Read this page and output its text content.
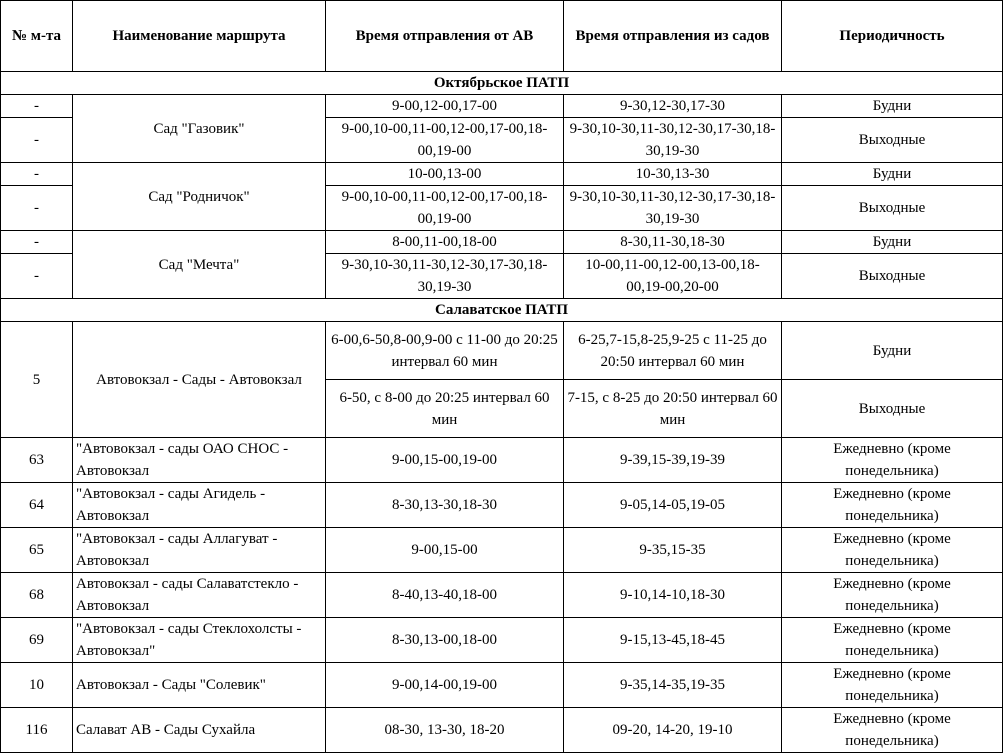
№ м-та	Наименование маршрута	Время отправления от АВ	Время отправления из садов	Периодичность
Октябрьское ПАТП				
-	Сад "Газовик"	9-00,12-00,17-00	9-30,12-30,17-30	Будни
-		9-00,10-00,11-00,12-00,17-00,18-00,19-00	9-30,10-30,11-30,12-30,17-30,18-30,19-30	Выходные
-	Сад "Родничок"	10-00,13-00	10-30,13-30	Будни
-		9-00,10-00,11-00,12-00,17-00,18-00,19-00	9-30,10-30,11-30,12-30,17-30,18-30,19-30	Выходные
-	Сад "Мечта"	8-00,11-00,18-00	8-30,11-30,18-30	Будни
-		9-30,10-30,11-30,12-30,17-30,18-30,19-30	10-00,11-00,12-00,13-00,18-00,19-00,20-00	Выходные
Салаватское ПАТП				
5	Автовокзал - Сады - Автовокзал	6-00,6-50,8-00,9-00 с 11-00 до 20:25 интервал 60 мин	6-25,7-15,8-25,9-25 с 11-25 до 20:50 интервал 60 мин	Будни
		6-50, с 8-00 до 20:25 интервал 60 мин	7-15, с 8-25 до 20:50 интервал 60 мин	Выходные
63	"Автовокзал - сады ОАО СНОС - Автовокзал	9-00,15-00,19-00	9-39,15-39,19-39	Ежедневно (кроме понедельника)
64	"Автовокзал - сады Агидель - Автовокзал	8-30,13-30,18-30	9-05,14-05,19-05	Ежедневно (кроме понедельника)
65	"Автовокзал - сады Аллагуват - Автовокзал	9-00,15-00	9-35,15-35	Ежедневно (кроме понедельника)
68	Автовокзал - сады Салаватстекло - Автовокзал	8-40,13-40,18-00	9-10,14-10,18-30	Ежедневно (кроме понедельника)
69	"Автовокзал - сады Стеклохолсты - Автовокзал"	8-30,13-00,18-00	9-15,13-45,18-45	Ежедневно (кроме понедельника)
10	Автовокзал - Сады "Солевик"	9-00,14-00,19-00	9-35,14-35,19-35	Ежедневно (кроме понедельника)
116	Салават АВ - Сады Сухайла	08-30, 13-30, 18-20	09-20, 14-20, 19-10	Ежедневно (кроме понедельника)
